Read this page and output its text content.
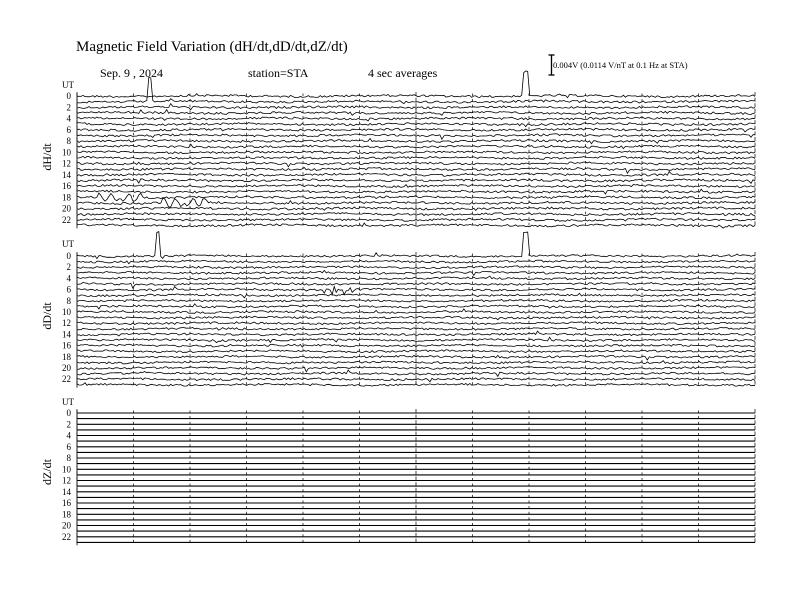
Magnetic Field Variation (dH/dt,dD/dt,dZ/dt)
Sep. 9 , 2024	station=STA	4 sec averages
0.004V (0.0114 V/nT at 0.1 Hz at STA)
UT
dH/dt
0
2
4
6
8
10
12
14
16
18
20
22
UT
dD/dt
0
2
4
6
8
10
12
14
16
18
20
22
UT
dZ/dt
0
2
4
6
8
10
12
14
16
18
20
22
